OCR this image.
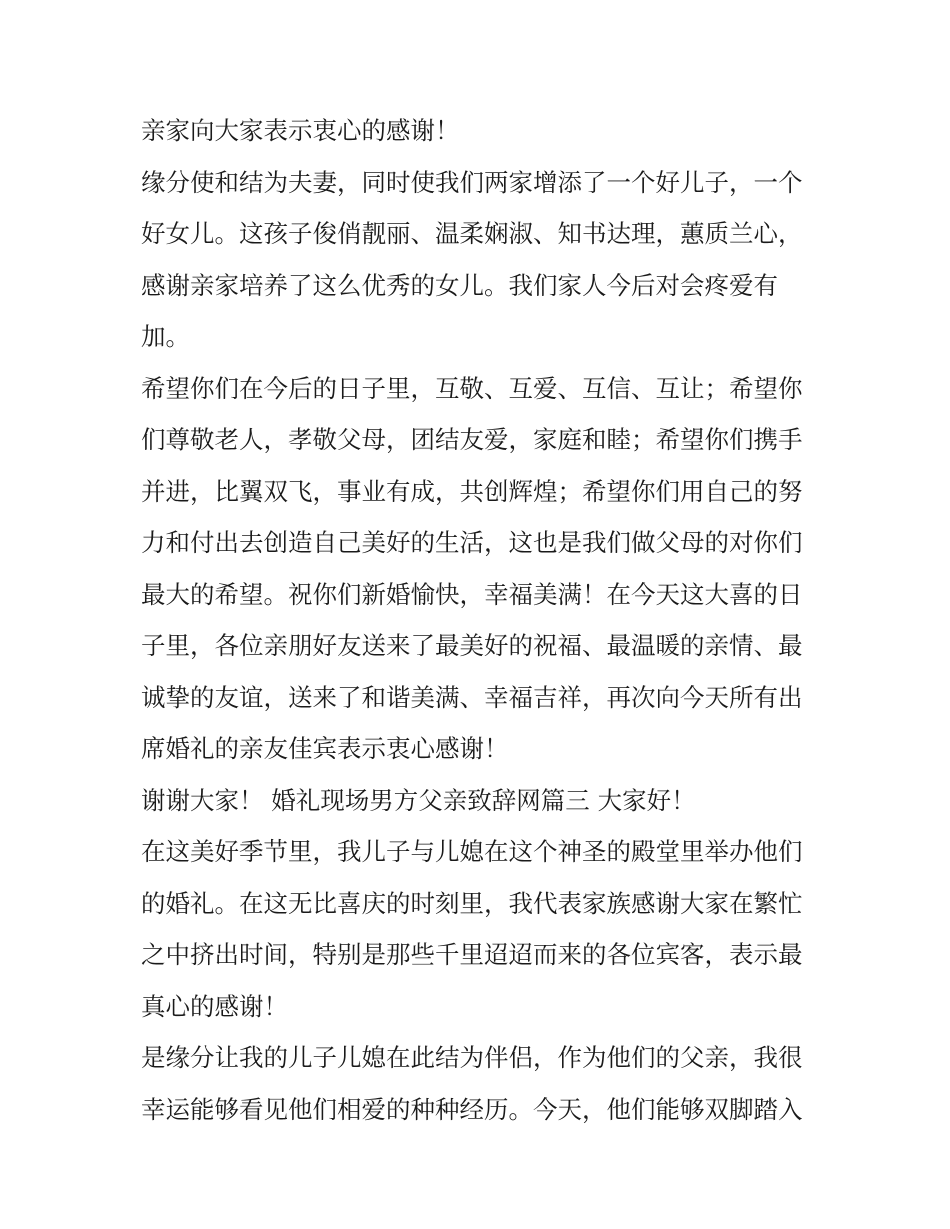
亲家向大家表示衷心的感谢！
缘分使和结为夫妻，同时使我们两家增添了一个好儿子，一个
好女儿。这孩子俊俏靓丽、温柔娴淑、知书达理，蕙质兰心，
感谢亲家培养了这么优秀的女儿。我们家人今后对会疼爱有
加。
希望你们在今后的日子里，互敬、互爱、互信、互让；希望你
们尊敬老人，孝敬父母，团结友爱，家庭和睦；希望你们携手
并进，比翼双飞，事业有成，共创辉煌；希望你们用自己的努
力和付出去创造自己美好的生活，这也是我们做父母的对你们
最大的希望。祝你们新婚愉快，幸福美满！在今天这大喜的日
子里，各位亲朋好友送来了最美好的祝福、最温暖的亲情、最
诚挚的友谊，送来了和谐美满、幸福吉祥，再次向今天所有出
席婚礼的亲友佳宾表示衷心感谢！
谢谢大家！ 婚礼现场男方父亲致辞网篇三 大家好！
在这美好季节里，我儿子与儿媳在这个神圣的殿堂里举办他们
的婚礼。在这无比喜庆的时刻里，我代表家族感谢大家在繁忙
之中挤出时间，特别是那些千里迢迢而来的各位宾客，表示最
真心的感谢！
是缘分让我的儿子儿媳在此结为伴侣，作为他们的父亲，我很
幸运能够看见他们相爱的种种经历。今天，他们能够双脚踏入
